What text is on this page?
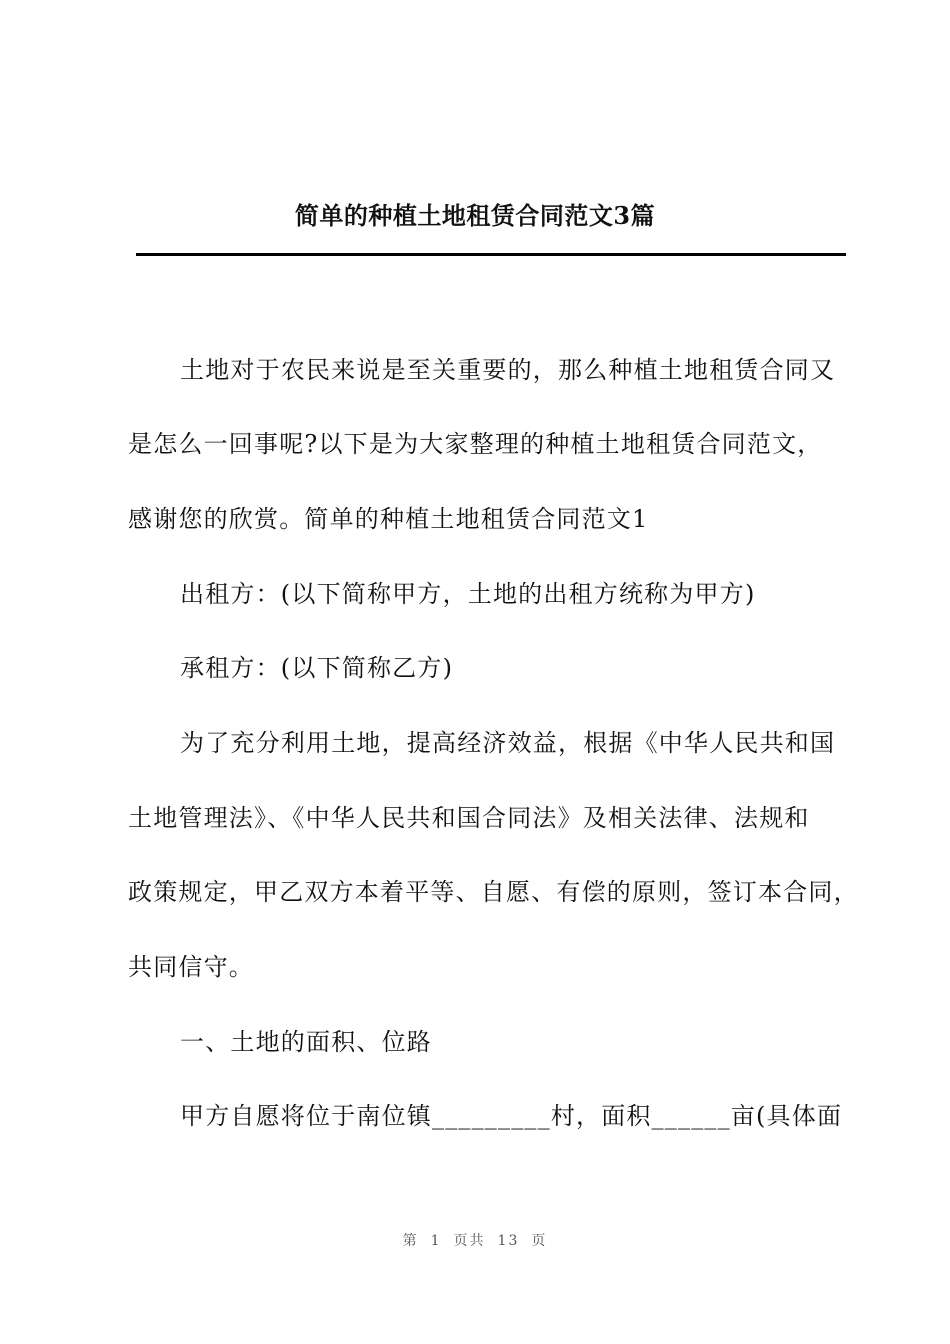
简单的种植土地租赁合同范文3篇
土地对于农民来说是至关重要的，那么种植土地租赁合同又
是怎么一回事呢?以下是为大家整理的种植土地租赁合同范文，
感谢您的欣赏。简单的种植土地租赁合同范文1
出租方：(以下简称甲方，土地的出租方统称为甲方)
承租方：(以下简称乙方)
为了充分利用土地，提高经济效益，根据《中华人民共和国
土地管理法》、《中华人民共和国合同法》及相关法律、法规和
政策规定，甲乙双方本着平等、自愿、有偿的原则，签订本合同，
共同信守。
一、土地的面积、位路
甲方自愿将位于南位镇_________村，面积______亩(具体面
第 1 页共 13 页
